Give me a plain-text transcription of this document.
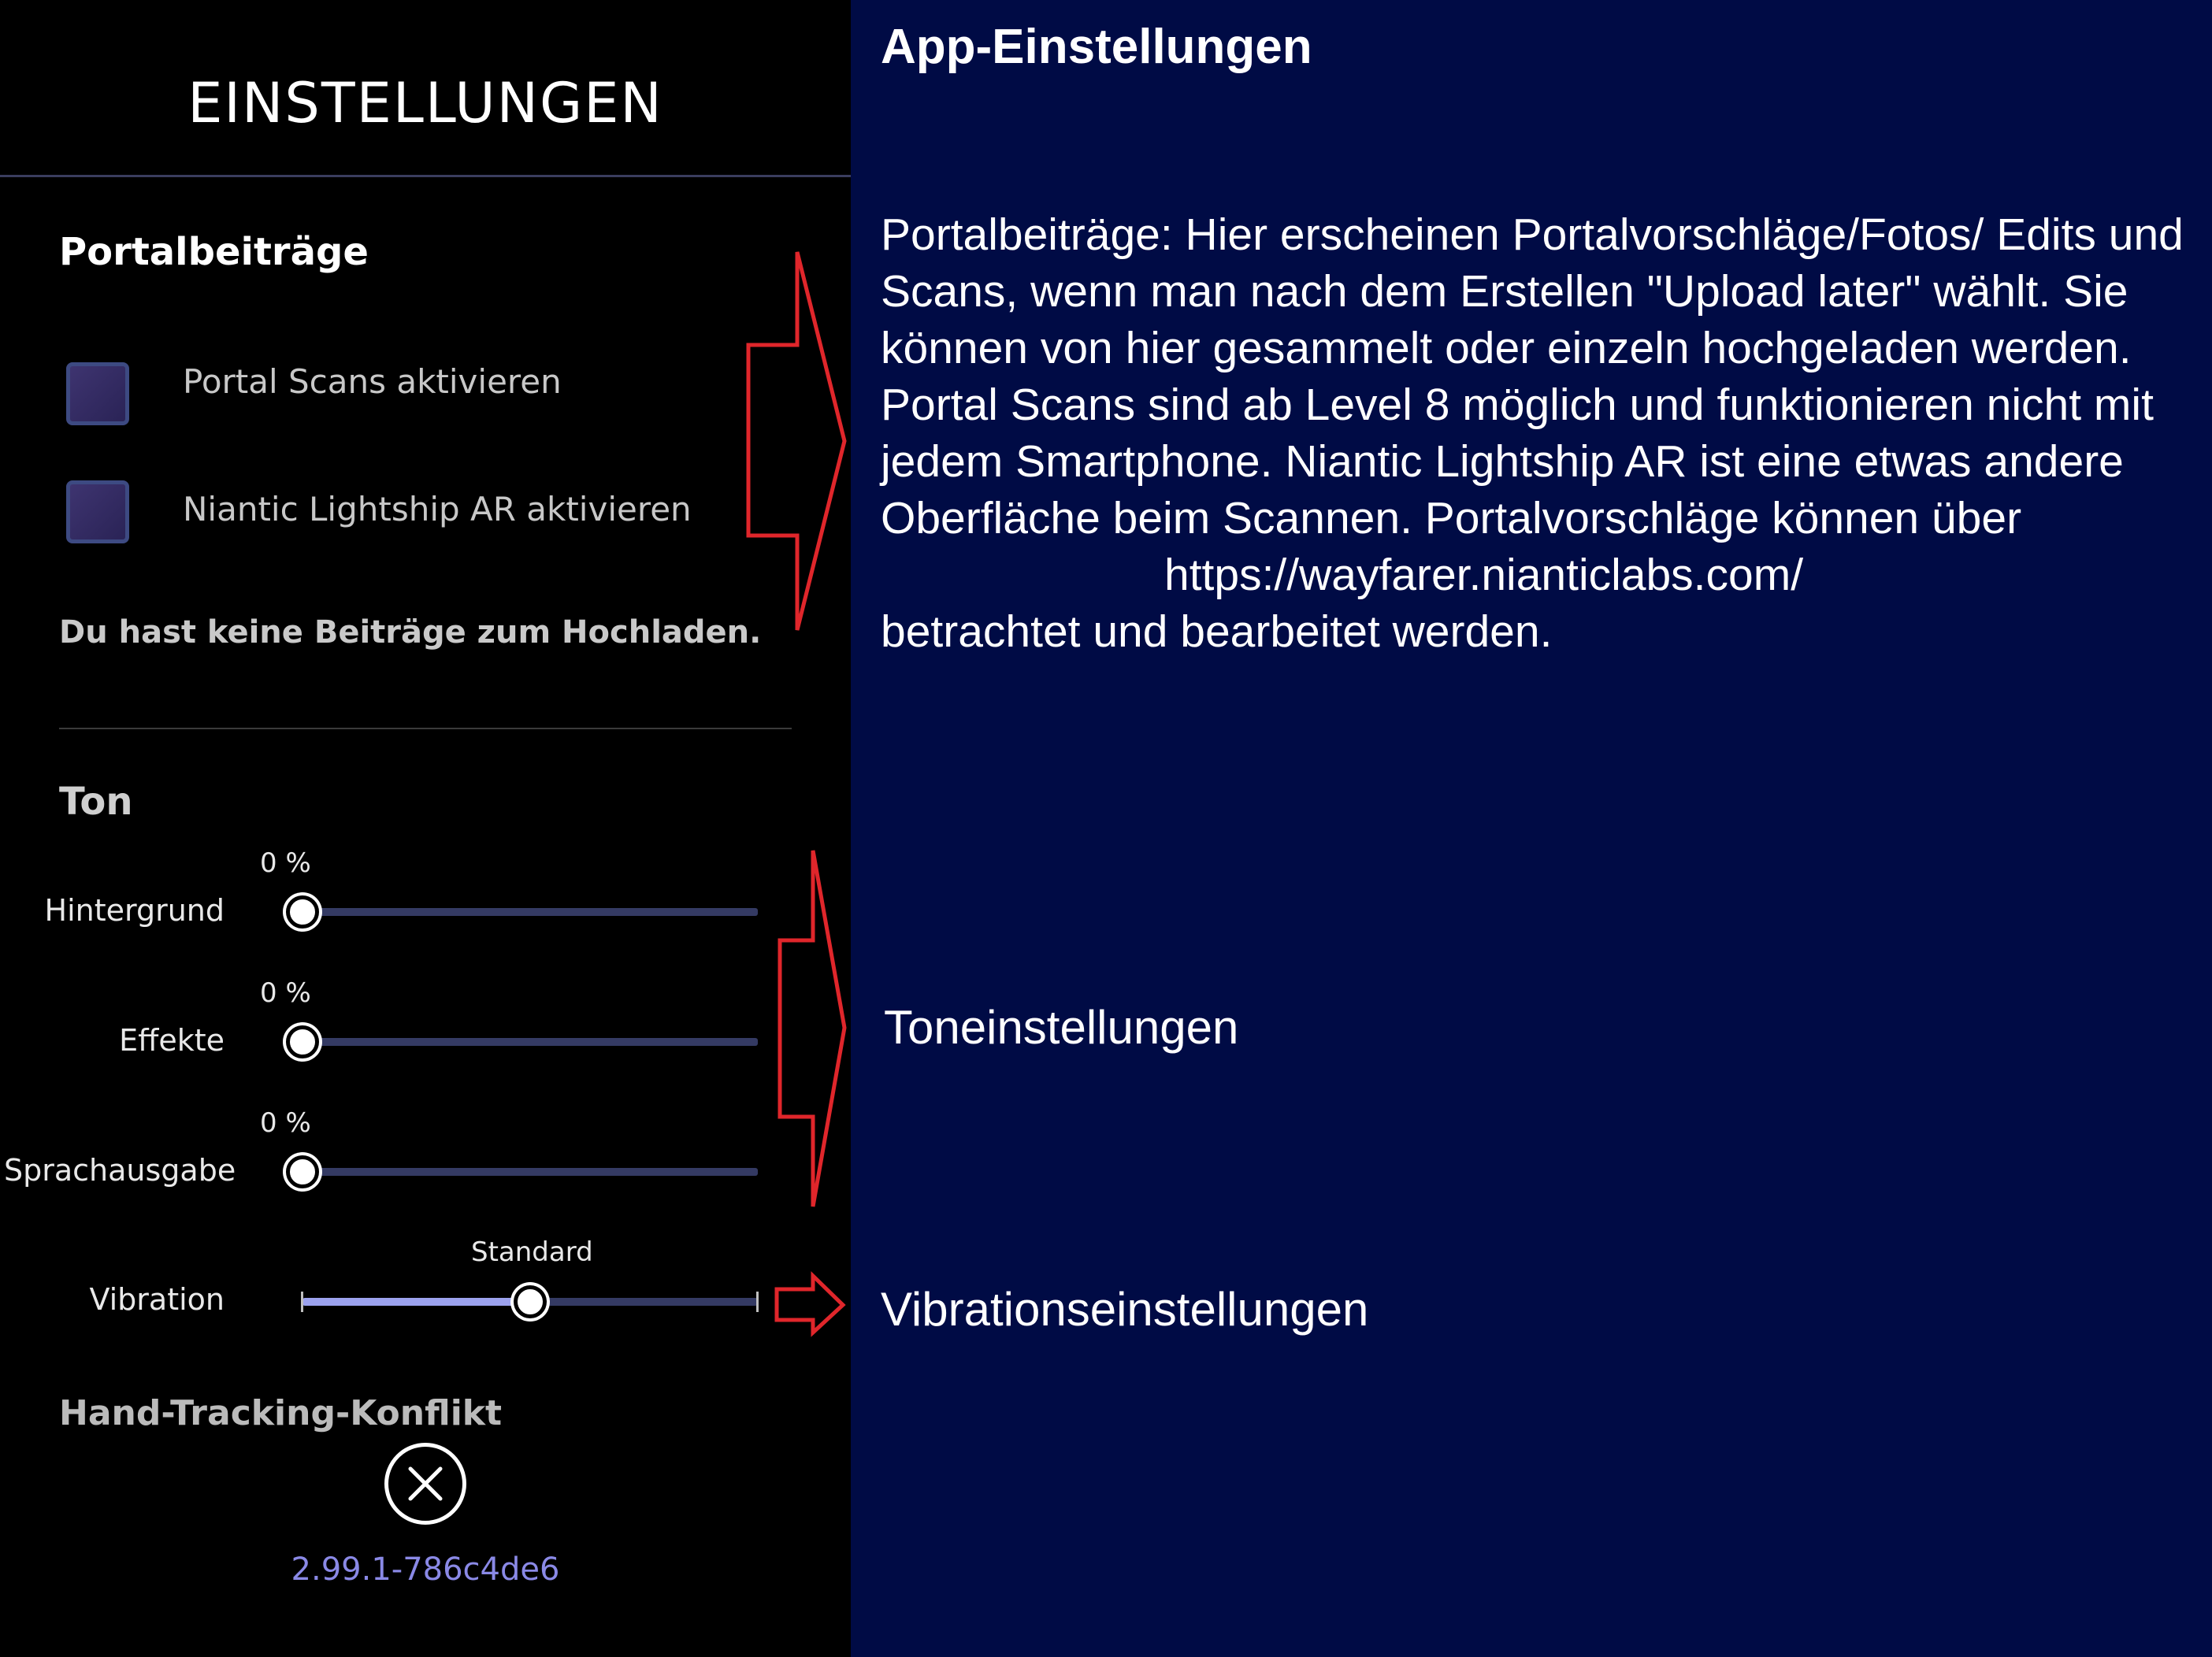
EINSTELLUNGEN
Portalbeiträge
Portal Scans aktivieren
Niantic Lightship AR aktivieren
Du hast keine Beiträge zum Hochladen.
Ton
0 %
Hintergrund
0 %
Effekte
0 %
Sprachausgabe
Standard
Vibration
Hand-Tracking-Konflikt
2.99.1-786c4de6
App-Einstellungen
Portalbeiträge: Hier erscheinen Portalvorschläge/Fotos/ Edits und Scans, wenn man nach dem Erstellen "Upload later" wählt. Sie können von hier gesammelt oder einzeln hochgeladen werden. Portal Scans sind ab Level 8 möglich und funktionieren nicht mit jedem Smartphone. Niantic Lightship AR ist eine etwas andere Oberfläche beim Scannen. Portalvorschläge können über
https://wayfarer.nianticlabs.com/
betrachtet und bearbeitet werden.
Toneinstellungen
Vibrationseinstellungen
